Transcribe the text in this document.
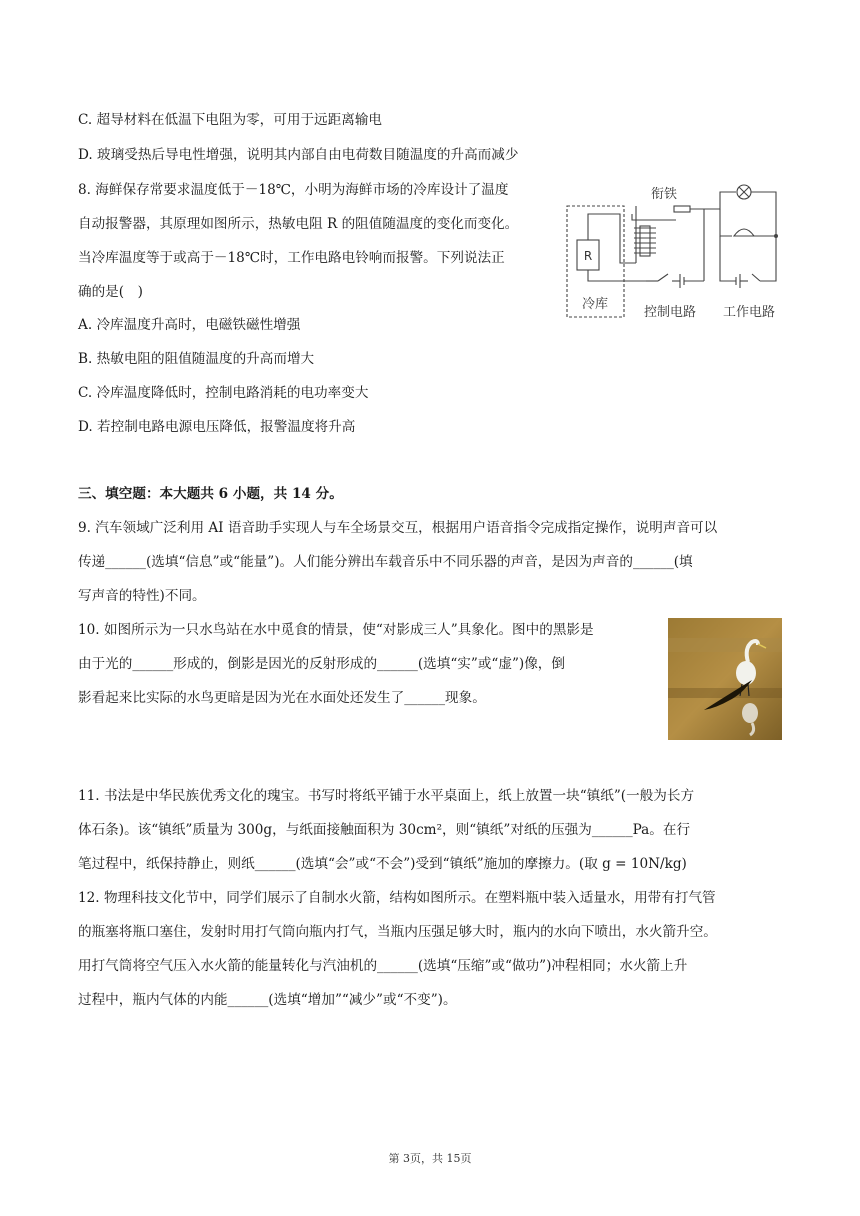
C. 超导材料在低温下电阻为零，可用于远距离输电
D. 玻璃受热后导电性增强，说明其内部自由电荷数目随温度的升高而减少
8. 海鲜保存常要求温度低于－18℃，小明为海鲜市场的冷库设计了温度
自动报警器，其原理如图所示，热敏电阻 R 的阻值随温度的变化而变化。
当冷库温度等于或高于－18℃时，工作电路电铃响而报警。下列说法正
确的是(　)
A. 冷库温度升高时，电磁铁磁性增强
B. 热敏电阻的阻值随温度的升高而增大
C. 冷库温度降低时，控制电路消耗的电功率变大
D. 若控制电路电源电压降低，报警温度将升高
R
衔铁
冷库
控制电路 工作电路
三、填空题：本大题共 6 小题，共 14 分。
9. 汽车领域广泛利用 AI 语音助手实现人与车全场景交互，根据用户语音指令完成指定操作，说明声音可以
传递______(选填“信息”或“能量”)。人们能分辨出车载音乐中不同乐器的声音，是因为声音的______(填
写声音的特性)不同。
10. 如图所示为一只水鸟站在水中觅食的情景，使“对影成三人”具象化。图中的黑影是
由于光的______形成的，倒影是因光的反射形成的______(选填“实”或“虚”)像，倒
影看起来比实际的水鸟更暗是因为光在水面处还发生了______现象。
11. 书法是中华民族优秀文化的瑰宝。书写时将纸平铺于水平桌面上，纸上放置一块“镇纸”(一般为长方
体石条)。该“镇纸”质量为 300g，与纸面接触面积为 30cm²，则“镇纸”对纸的压强为______Pa。在行
笔过程中，纸保持静止，则纸______(选填“会”或“不会”)受到“镇纸”施加的摩擦力。(取 g = 10N/kg)
12. 物理科技文化节中，同学们展示了自制水火箭，结构如图所示。在塑料瓶中装入适量水，用带有打气管
的瓶塞将瓶口塞住，发射时用打气筒向瓶内打气，当瓶内压强足够大时，瓶内的水向下喷出，水火箭升空。
用打气筒将空气压入水火箭的能量转化与汽油机的______(选填“压缩”或“做功”)冲程相同；水火箭上升
过程中，瓶内气体的内能______(选填“增加”“减少”或“不变”)。
第 3页，共 15页
